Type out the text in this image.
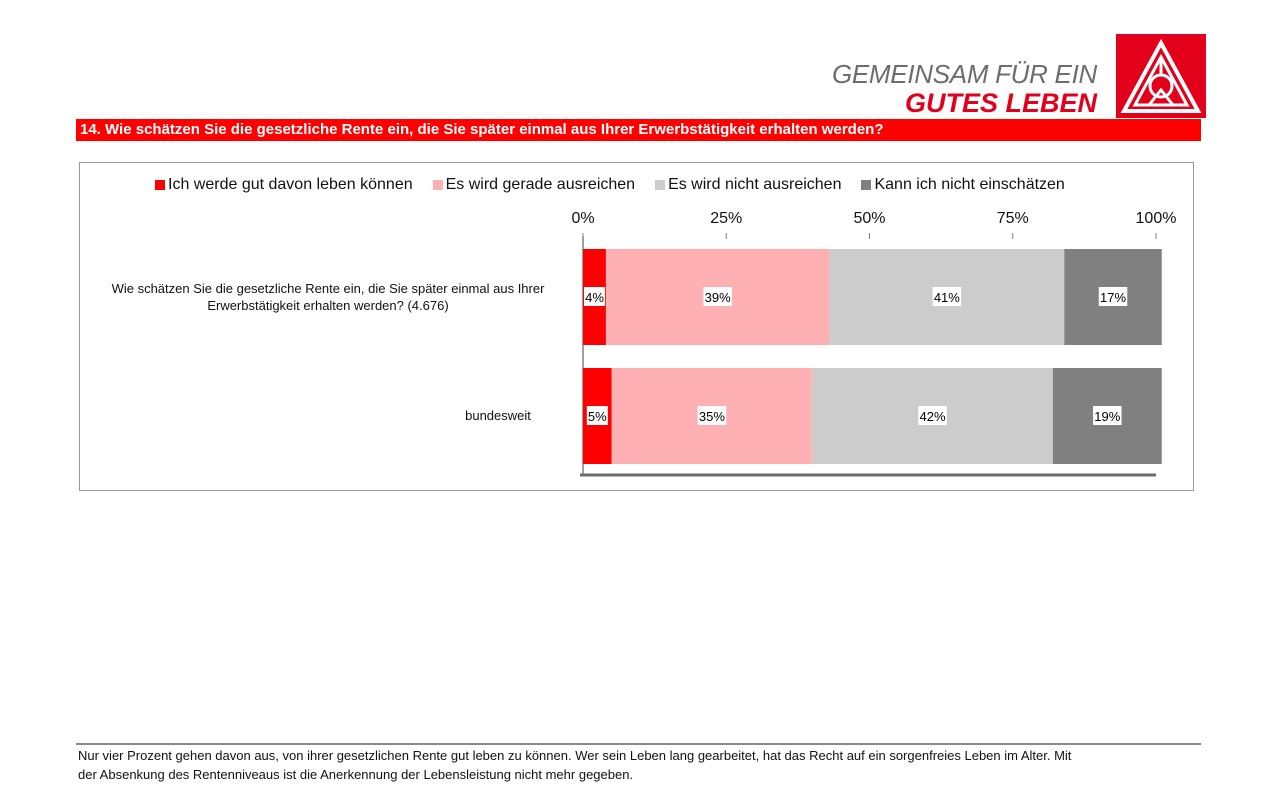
GEMEINSAM FÜR EIN
GUTES LEBEN
14. Wie schätzen Sie die gesetzliche Rente ein, die Sie später einmal aus Ihrer Erwerbstätigkeit erhalten werden?
Ich werde gut davon leben können Es wird gerade ausreichen Es wird nicht ausreichen Kann ich nicht einschätzen
Wie schätzen Sie die gesetzliche Rente ein, die Sie später einmal aus Ihrer Erwerbstätigkeit erhalten werden? (4.676)
bundesweit
0%	25%	50%	75%	100%
4%	39%	41%	17%
5%	35%	42%	19%
Nur vier Prozent gehen davon aus, von ihrer gesetzlichen Rente gut leben zu können. Wer sein Leben lang gearbeitet, hat das Recht auf ein sorgenfreies Leben im Alter. Mit der Absenkung des Rentenniveaus ist die Anerkennung der Lebensleistung nicht mehr gegeben.
